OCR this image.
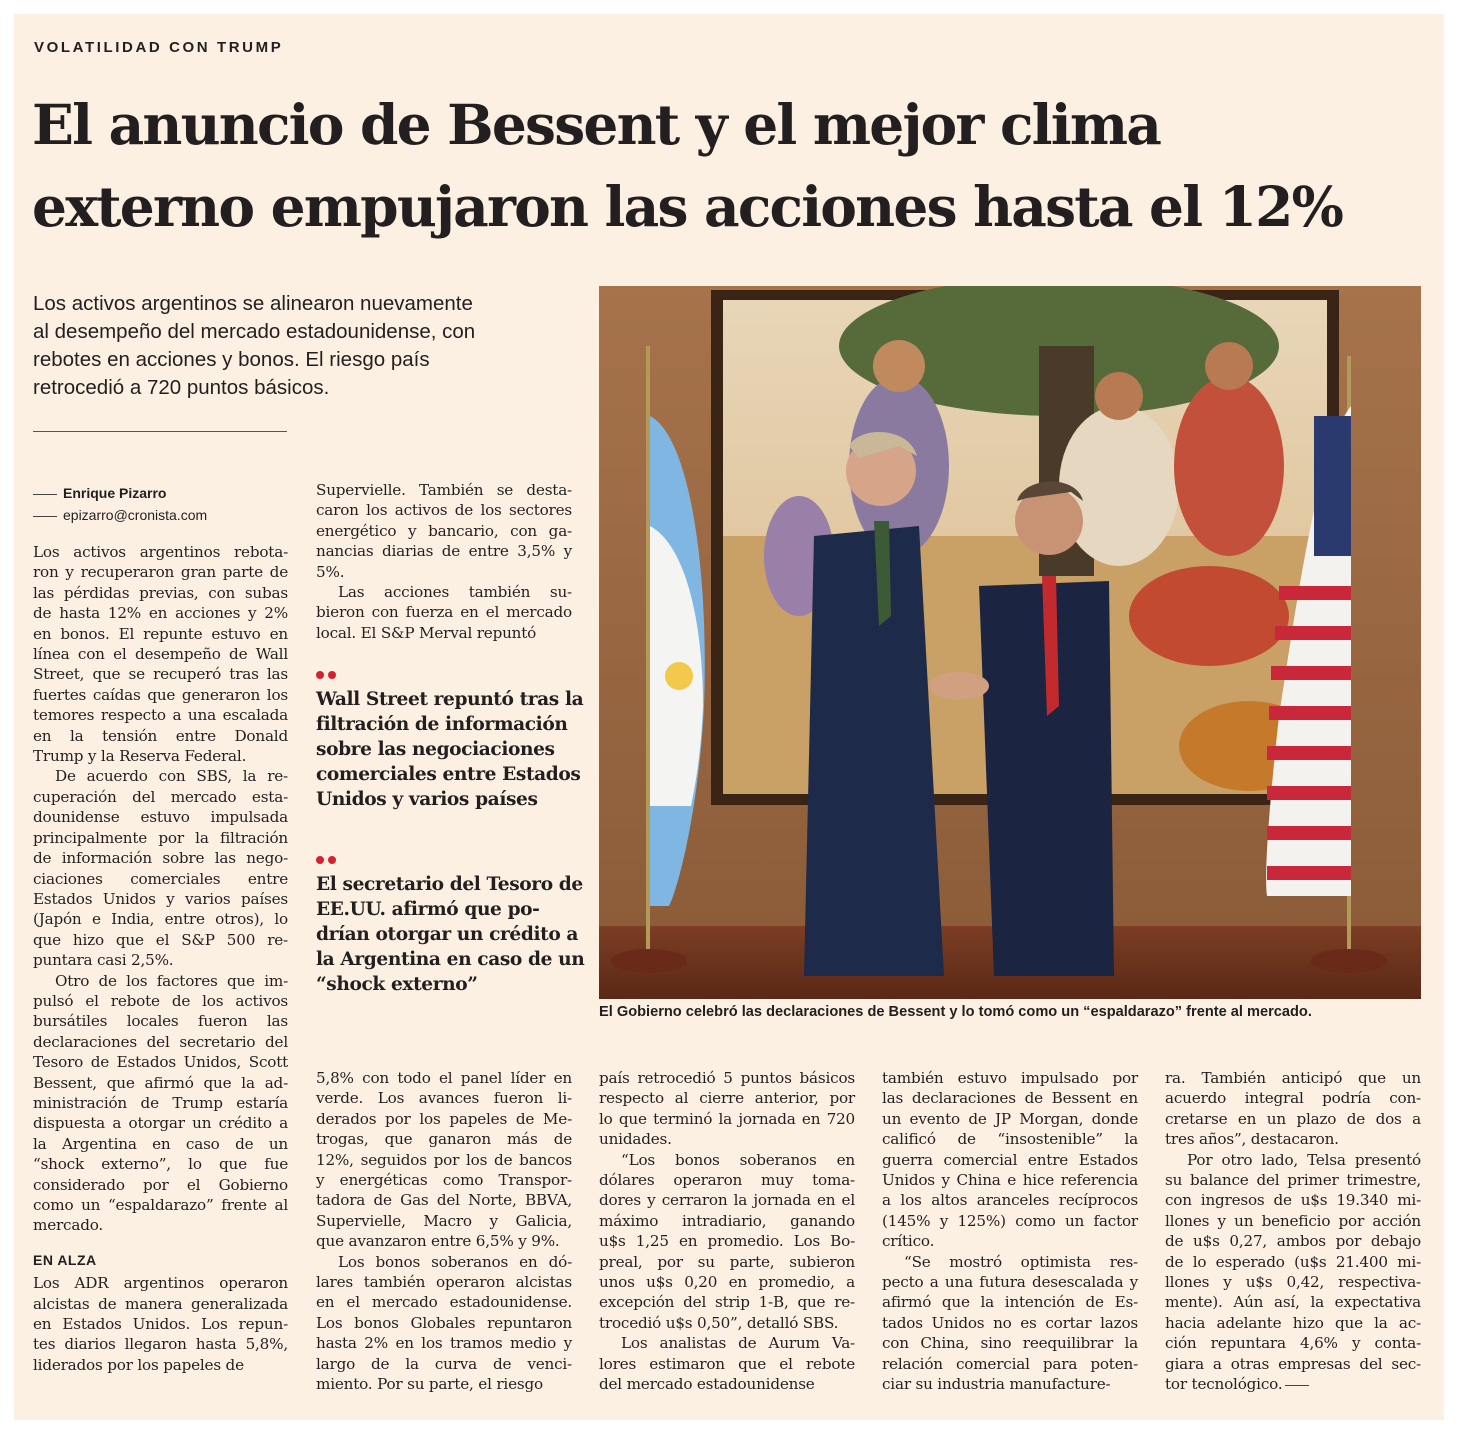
VOLATILIDAD CON TRUMP
El anuncio de Bessent y el mejor clima
externo empujaron las acciones hasta el 12%

Los activos argentinos se alinearon nuevamente
al desempeño del mercado estadounidense, con
rebotes en acciones y bonos. El riesgo país
retrocedió a 720 puntos básicos.

Enrique Pizarro
epizarro@cronista.com
Los activos argentinos rebota-
ron y recuperaron gran parte de
las pérdidas previas, con subas
de hasta 12% en acciones y 2%
en bonos. El repunte estuvo en
línea con el desempeño de Wall
Street, que se recuperó tras las
fuertes caídas que generaron los
temores respecto a una escalada
en la tensión entre Donald
Trump y la Reserva Federal.
De acuerdo con SBS, la re-
cuperación del mercado esta-
dounidense estuvo impulsada
principalmente por la filtración
de información sobre las nego-
ciaciones comerciales entre
Estados Unidos y varios países
(Japón e India, entre otros), lo
que hizo que el S&P 500 re-
puntara casi 2,5%.
Otro de los factores que im-
pulsó el rebote de los activos
bursátiles locales fueron las
declaraciones del secretario del
Tesoro de Estados Unidos, Scott
Bessent, que afirmó que la ad-
ministración de Trump estaría
dispuesta a otorgar un crédito a
la Argentina en caso de un
“shock externo”, lo que fue
considerado por el Gobierno
como un “espaldarazo” frente al
mercado.
EN ALZA
Los ADR argentinos operaron
alcistas de manera generalizada
en Estados Unidos. Los repun-
tes diarios llegaron hasta 5,8%,
liderados por los papeles de
Supervielle. También se desta-
caron los activos de los sectores
energético y bancario, con ga-
nancias diarias de entre 3,5% y
5%.
Las acciones también su-
bieron con fuerza en el mercado
local. El S&P Merval repuntó
Wall Street repuntó tras la
filtración de información
sobre las negociaciones
comerciales entre Estados
Unidos y varios países
El secretario del Tesoro de
EE.UU. afirmó que po-
drían otorgar un crédito a
la Argentina en caso de un
“shock externo”
5,8% con todo el panel líder en
verde. Los avances fueron li-
derados por los papeles de Me-
trogas, que ganaron más de
12%, seguidos por los de bancos
y energéticas como Transpor-
tadora de Gas del Norte, BBVA,
Supervielle, Macro y Galicia,
que avanzaron entre 6,5% y 9%.
Los bonos soberanos en dó-
lares también operaron alcistas
en el mercado estadounidense.
Los bonos Globales repuntaron
hasta 2% en los tramos medio y
largo de la curva de venci-
miento. Por su parte, el riesgo
país retrocedió 5 puntos básicos
respecto al cierre anterior, por
lo que terminó la jornada en 720
unidades.
“Los bonos soberanos en
dólares operaron muy toma-
dores y cerraron la jornada en el
máximo intradiario, ganando
u$s 1,25 en promedio. Los Bo-
preal, por su parte, subieron
unos u$s 0,20 en promedio, a
excepción del strip 1-B, que re-
trocedió u$s 0,50”, detalló SBS.
Los analistas de Aurum Va-
lores estimaron que el rebote
del mercado estadounidense
también estuvo impulsado por
las declaraciones de Bessent en
un evento de JP Morgan, donde
calificó de “insostenible” la
guerra comercial entre Estados
Unidos y China e hice referencia
a los altos aranceles recíprocos
(145% y 125%) como un factor
crítico.
“Se mostró optimista res-
pecto a una futura desescalada y
afirmó que la intención de Es-
tados Unidos no es cortar lazos
con China, sino reequilibrar la
relación comercial para poten-
ciar su industria manufacture-
ra. También anticipó que un
acuerdo integral podría con-
cretarse en un plazo de dos a
tres años”, destacaron.
Por otro lado, Telsa presentó
su balance del primer trimestre,
con ingresos de u$s 19.340 mi-
llones y un beneficio por acción
de u$s 0,27, ambos por debajo
de lo esperado (u$s 21.400 mi-
llones y u$s 0,42, respectiva-
mente). Aún así, la expectativa
hacia adelante hizo que la ac-
ción repuntara 4,6% y conta-
giara a otras empresas del sec-
tor tecnológico.
El Gobierno celebró las declaraciones de Bessent y lo tomó como un “espaldarazo” frente al mercado.
